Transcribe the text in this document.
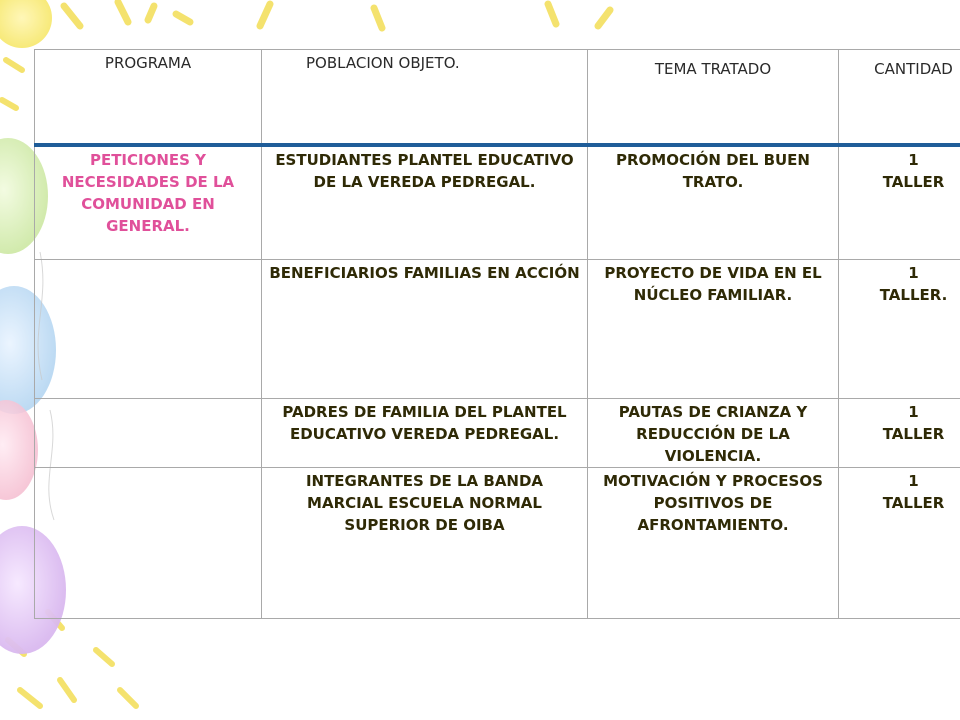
PROGRAMA	POBLACION OBJETO.	TEMA TRATADO	CANTIDAD
PETICIONES Y NECESIDADES DE LA COMUNIDAD EN GENERAL.	ESTUDIANTES PLANTEL EDUCATIVO DE LA VEREDA PEDREGAL.	PROMOCIÓN DEL BUEN TRATO.	1
TALLER

	BENEFICIARIOS FAMILIAS EN ACCIÓN	PROYECTO DE VIDA EN EL NÚCLEO FAMILIAR.	1
TALLER.

	PADRES DE FAMILIA DEL PLANTEL EDUCATIVO VEREDA PEDREGAL.	PAUTAS DE CRIANZA Y REDUCCIÓN DE LA VIOLENCIA.	1
TALLER

	INTEGRANTES DE LA BANDA MARCIAL ESCUELA NORMAL SUPERIOR DE OIBA	MOTIVACIÓN Y PROCESOS POSITIVOS DE AFRONTAMIENTO.	1
TALLER
